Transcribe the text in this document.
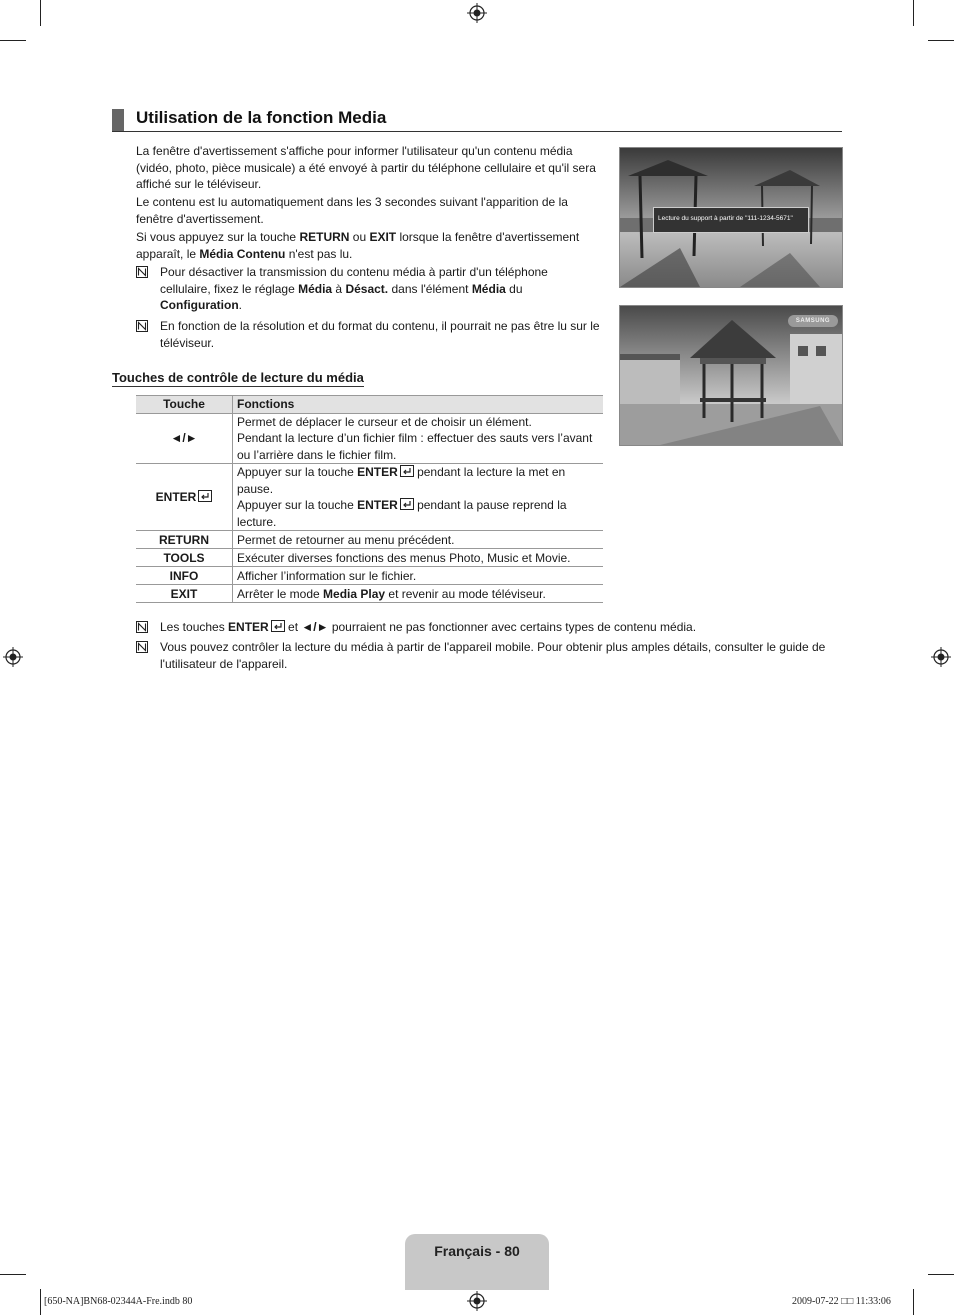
Utilisation de la fonction Media
La fenêtre d'avertissement s'affiche pour informer l'utilisateur qu'un contenu média (vidéo, photo, pièce musicale) a été envoyé à partir du téléphone cellulaire et qu'il sera affiché sur le téléviseur.
Le contenu est lu automatiquement dans les 3 secondes suivant l'apparition de la fenêtre d'avertissement.
Si vous appuyez sur la touche RETURN ou EXIT lorsque la fenêtre d'avertissement apparaît, le Média Contenu n'est pas lu.
Pour désactiver la transmission du contenu média à partir d'un téléphone cellulaire, fixez le réglage Média à Désact. dans l'élément Média du Configuration.
En fonction de la résolution et du format du contenu, il pourrait ne pas être lu sur le téléviseur.
Lecture du support à partir de "111-1234-5671"
SAMSUNG
Touches de contrôle de lecture du média
Touche	Fonctions
◄/►	Permet de déplacer le curseur et de choisir un élément.
Pendant la lecture d’un fichier film : effectuer des sauts vers l’avant ou l’arrière dans le fichier film.

ENTER	Appuyer sur la touche ENTER
pendant la lecture la met en pause.
Appuyer sur la touche ENTER
pendant la pause reprend la lecture.

RETURN	Permet de retourner au menu précédent.
TOOLS	Exécuter diverses fonctions des menus Photo, Music et Movie.
INFO	Afficher l’information sur le fichier.
EXIT	Arrêter le mode Media Play et revenir au mode téléviseur.
Les touches ENTER
et ◄/► pourraient ne pas fonctionner avec certains types de contenu média.
Vous pouvez contrôler la lecture du média à partir de l'appareil mobile. Pour obtenir plus amples détails, consulter le guide de l'utilisateur de l'appareil.
Français - 80
[650-NA]BN68-02344A-Fre.indb 80	2009-07-22 □□ 11:33:06
